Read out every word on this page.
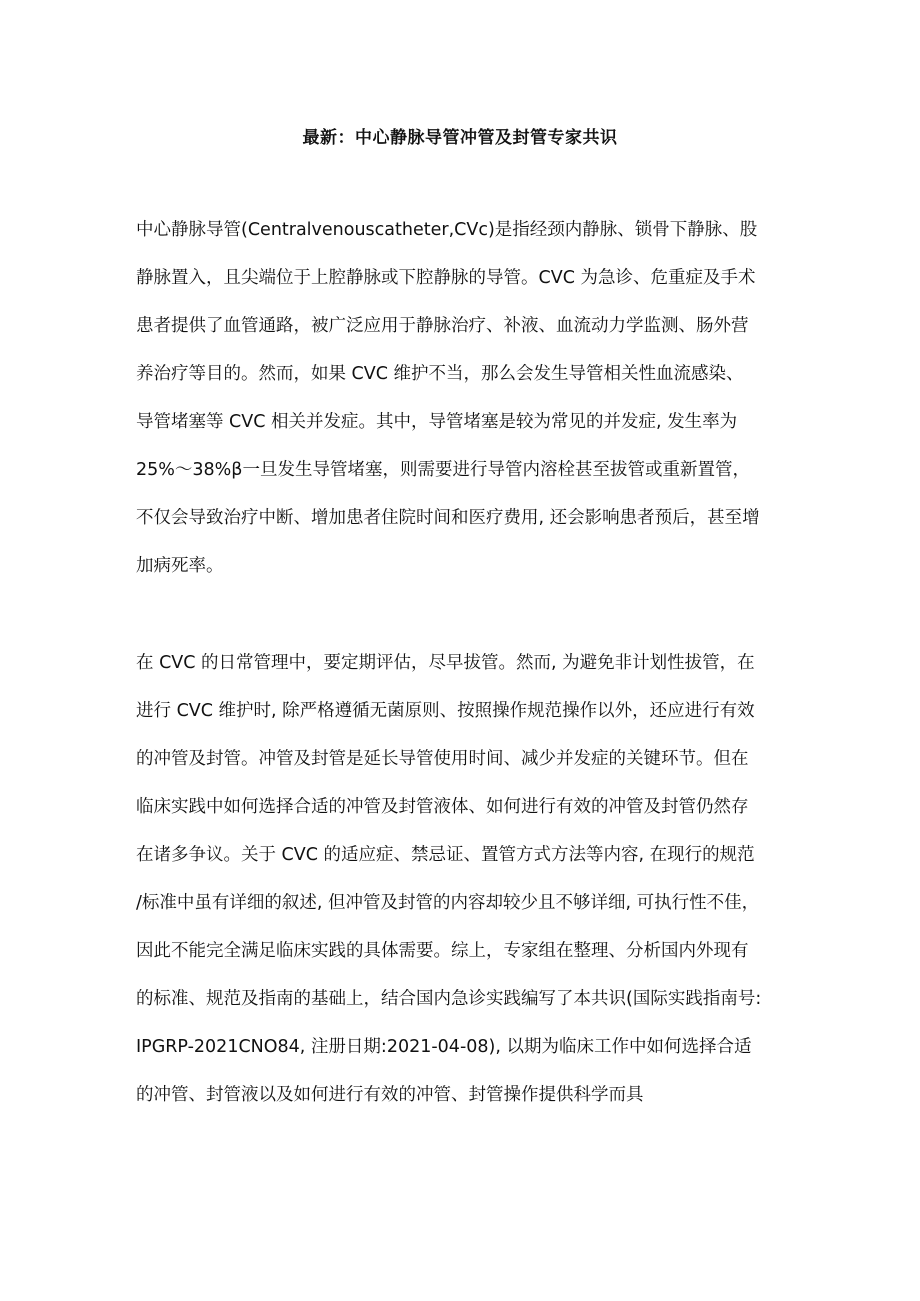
最新：中心静脉导管冲管及封管专家共识
中心静脉导管(Centralvenouscatheter,CVc)是指经颈内静脉、锁骨下静脉、股
静脉置入，且尖端位于上腔静脉或下腔静脉的导管。CVC 为急诊、危重症及手术
患者提供了血管通路，被广泛应用于静脉治疗、补液、血流动力学监测、肠外营
养治疗等目的。然而，如果 CVC 维护不当，那么会发生导管相关性血流感染、
导管堵塞等 CVC 相关并发症。其中，导管堵塞是较为常见的并发症, 发生率为
25%～38%β一旦发生导管堵塞，则需要进行导管内溶栓甚至拔管或重新置管，
不仅会导致治疗中断、增加患者住院时间和医疗费用, 还会影响患者预后，甚至增
加病死率。
在 CVC 的日常管理中，要定期评估，尽早拔管。然而, 为避免非计划性拔管，在
进行 CVC 维护时, 除严格遵循无菌原则、按照操作规范操作以外，还应进行有效
的冲管及封管。冲管及封管是延长导管使用时间、减少并发症的关键环节。但在
临床实践中如何选择合适的冲管及封管液体、如何进行有效的冲管及封管仍然存
在诸多争议。关于 CVC 的适应症、禁忌证、置管方式方法等内容, 在现行的规范
/标准中虽有详细的叙述, 但冲管及封管的内容却较少且不够详细, 可执行性不佳，
因此不能完全满足临床实践的具体需要。综上，专家组在整理、分析国内外现有
的标准、规范及指南的基础上，结合国内急诊实践编写了本共识(国际实践指南号:
IPGRP-2021CNO84, 注册日期:2021-04-08), 以期为临床工作中如何选择合适
的冲管、封管液以及如何进行有效的冲管、封管操作提供科学而具
